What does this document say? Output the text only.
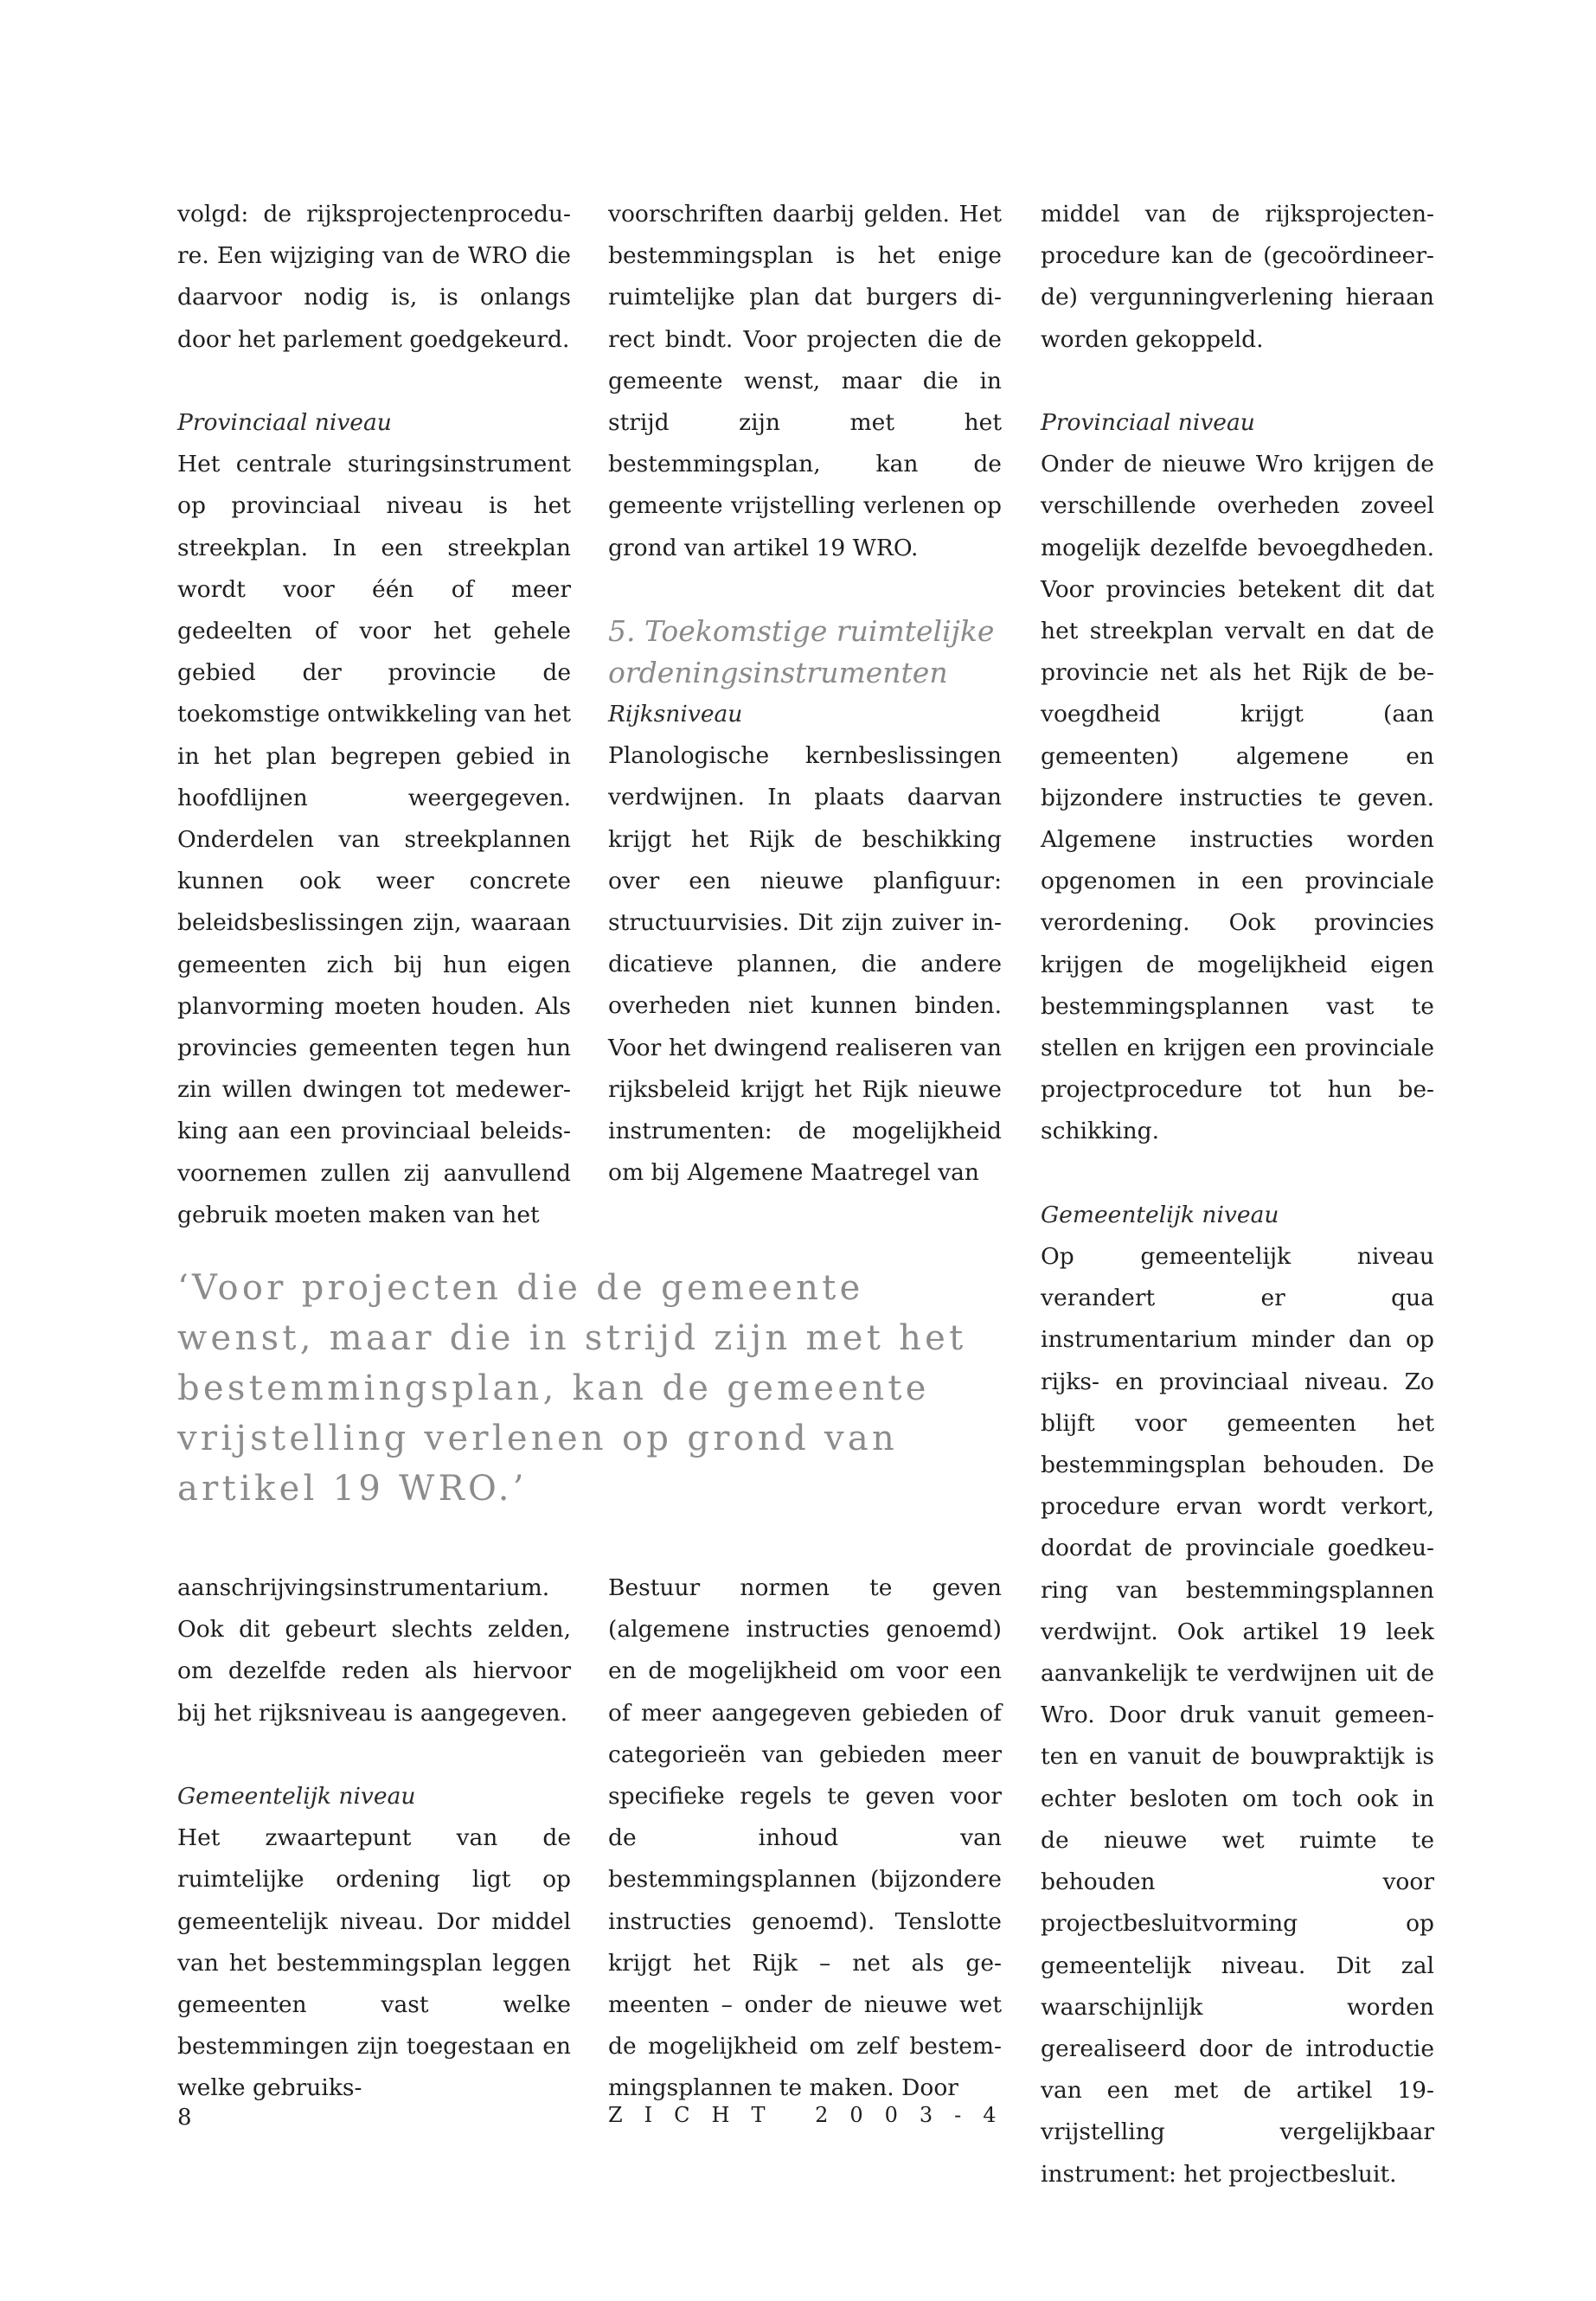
volgd: de rijksprojectenprocedure. Een wijziging van de WRO die daarvoor nodig is, is onlangs door het parlement goedgekeurd.

Provinciaal niveau

Het centrale sturingsinstrument op provinciaal niveau is het streekplan. In een streekplan wordt voor één of meer gedeelten of voor het gehele gebied der provincie de toekomstige ontwikkeling van het in het plan begrepen gebied in hoofdlijnen weergegeven. Onderdelen van streekplannen kunnen ook weer concrete beleidsbeslissingen zijn, waaraan gemeenten zich bij hun eigen planvorming moeten houden. Als provincies gemeenten tegen hun zin willen dwingen tot medewerking aan een provinciaal beleidsvoornemen zullen zij aanvullend gebruik moeten maken van het

voorschriften daarbij gelden. Het bestemmingsplan is het enige ruimtelijke plan dat burgers direct bindt. Voor projecten die de gemeente wenst, maar die in strijd zijn met het bestemmingsplan, kan de gemeente vrijstelling verlenen op grond van artikel 19 WRO.

5. Toekomstige ruimtelijke ordeningsinstrumenten

Rijksniveau

Planologische kernbeslissingen verdwijnen. In plaats daarvan krijgt het Rijk de beschikking over een nieuwe planfiguur: structuurvisies. Dit zijn zuiver indicatieve plannen, die andere overheden niet kunnen binden. Voor het dwingend realiseren van rijksbeleid krijgt het Rijk nieuwe instrumenten: de mogelijkheid om bij Algemene Maatregel van

middel van de rijksprojectenprocedure kan de (gecoördineerde) vergunningverlening hieraan worden gekoppeld.

Provinciaal niveau

Onder de nieuwe Wro krijgen de verschillende overheden zoveel mogelijk dezelfde bevoegdheden. Voor provincies betekent dit dat het streekplan vervalt en dat de provincie net als het Rijk de bevoegdheid krijgt (aan gemeenten) algemene en bijzondere instructies te geven. Algemene instructies worden opgenomen in een provinciale verordening. Ook provincies krijgen de mogelijkheid eigen bestemmingsplannen vast te stellen en krijgen een provinciale projectprocedure tot hun beschikking.

Gemeentelijk niveau

Op gemeentelijk niveau verandert er qua instrumentarium minder dan op rijks- en provinciaal niveau. Zo blijft voor gemeenten het bestemmingsplan behouden. De procedure ervan wordt verkort, doordat de provinciale goedkeuring van bestemmingsplannen verdwijnt. Ook artikel 19 leek aanvankelijk te verdwijnen uit de Wro. Door druk vanuit gemeenten en vanuit de bouwpraktijk is echter besloten om toch ook in de nieuwe wet ruimte te behouden voor projectbesluitvorming op gemeentelijk niveau. Dit zal waarschijnlijk worden gerealiseerd door de introductie van een met de artikel 19-vrijstelling vergelijkbaar instrument: het projectbesluit.

‘Voor projecten die de gemeente wenst, maar die in strijd zijn met het bestemmingsplan, kan de gemeente vrijstelling verlenen op grond van artikel 19 WRO.’

aanschrijvingsinstrumentarium. Ook dit gebeurt slechts zelden, om dezelfde reden als hiervoor bij het rijksniveau is aangegeven.

Gemeentelijk niveau

Het zwaartepunt van de ruimtelijke ordening ligt op gemeentelijk niveau. Dor middel van het bestemmingsplan leggen gemeenten vast welke bestemmingen zijn toegestaan en welke gebruiks-

Bestuur normen te geven (algemene instructies genoemd) en de mogelijkheid om voor een of meer aangegeven gebieden of categorieën van gebieden meer specifieke regels te geven voor de inhoud van bestemmingsplannen (bijzondere instructies genoemd). Tenslotte krijgt het Rijk – net als gemeenten – onder de nieuwe wet de mogelijkheid om zelf bestemmingsplannen te maken. Door

8	ZICHT 2003-4
